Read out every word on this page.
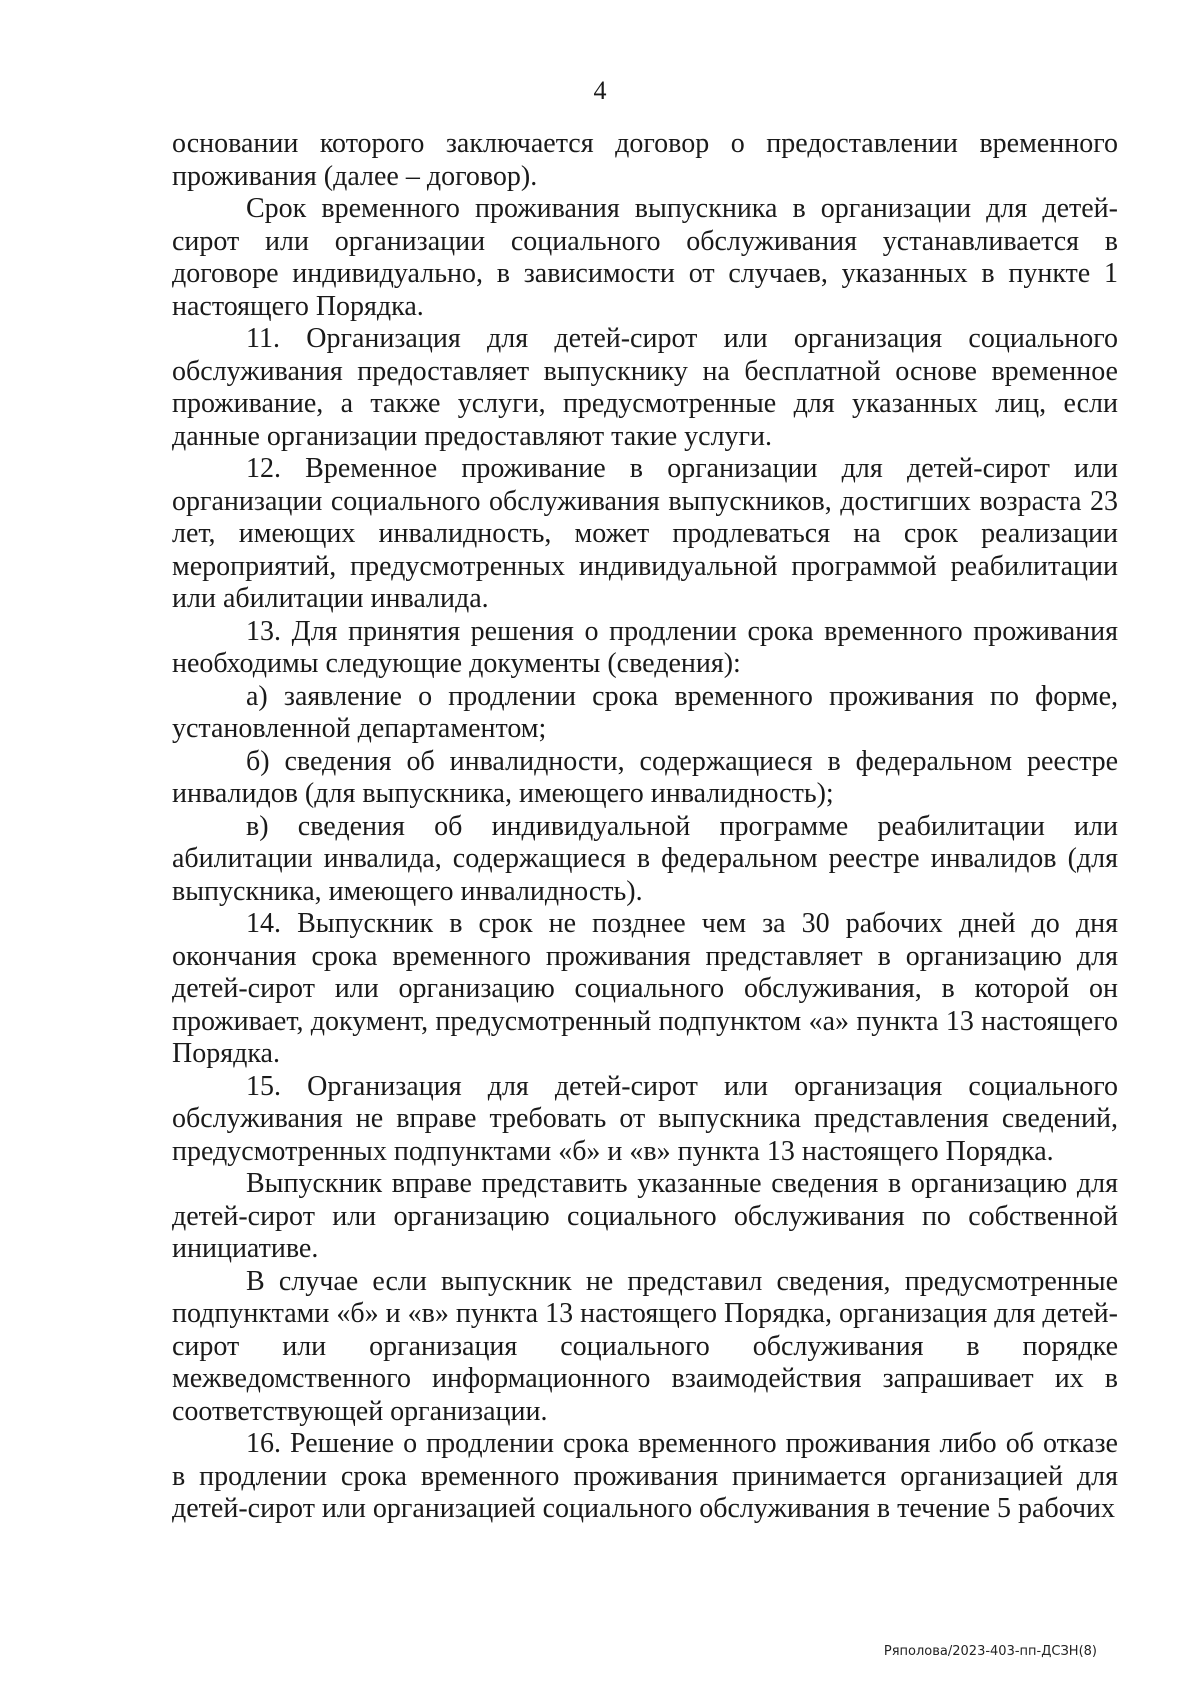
4

основании которого заключается договор о предоставлении временного проживания (далее – договор).

Срок временного проживания выпускника в организации для детей-сирот или организации социального обслуживания устанавливается в договоре индивидуально, в зависимости от случаев, указанных в пункте 1 настоящего Порядка.

11. Организация для детей-сирот или организация социального обслуживания предоставляет выпускнику на бесплатной основе временное проживание, а также услуги, предусмотренные для указанных лиц, если данные организации предоставляют такие услуги.

12. Временное проживание в организации для детей-сирот или организации социального обслуживания выпускников, достигших возраста 23 лет, имеющих инвалидность, может продлеваться на срок реализации мероприятий, предусмотренных индивидуальной программой реабилитации или абилитации инвалида.

13. Для принятия решения о продлении срока временного проживания необходимы следующие документы (сведения):

а) заявление о продлении срока временного проживания по форме, установленной департаментом;

б) сведения об инвалидности, содержащиеся в федеральном реестре инвалидов (для выпускника, имеющего инвалидность);

в) сведения об индивидуальной программе реабилитации или абилитации инвалида, содержащиеся в федеральном реестре инвалидов (для выпускника, имеющего инвалидность).

14. Выпускник в срок не позднее чем за 30 рабочих дней до дня окончания срока временного проживания представляет в организацию для детей-сирот или организацию социального обслуживания, в которой он проживает, документ, предусмотренный подпунктом «а» пункта 13 настоящего Порядка.

15. Организация для детей-сирот или организация социального обслуживания не вправе требовать от выпускника представления сведений, предусмотренных подпунктами «б» и «в» пункта 13 настоящего Порядка.

Выпускник вправе представить указанные сведения в организацию для детей-сирот или организацию социального обслуживания по собственной инициативе.

В случае если выпускник не представил сведения, предусмотренные подпунктами «б» и «в» пункта 13 настоящего Порядка, организация для детей-сирот или организация социального обслуживания в порядке межведомственного информационного взаимодействия запрашивает их в соответствующей организации.

16. Решение о продлении срока временного проживания либо об отказе в продлении срока временного проживания принимается организацией для детей-сирот или организацией социального обслуживания в течение 5 рабочих

Ряполова/2023-403-пп-ДСЗН(8)
